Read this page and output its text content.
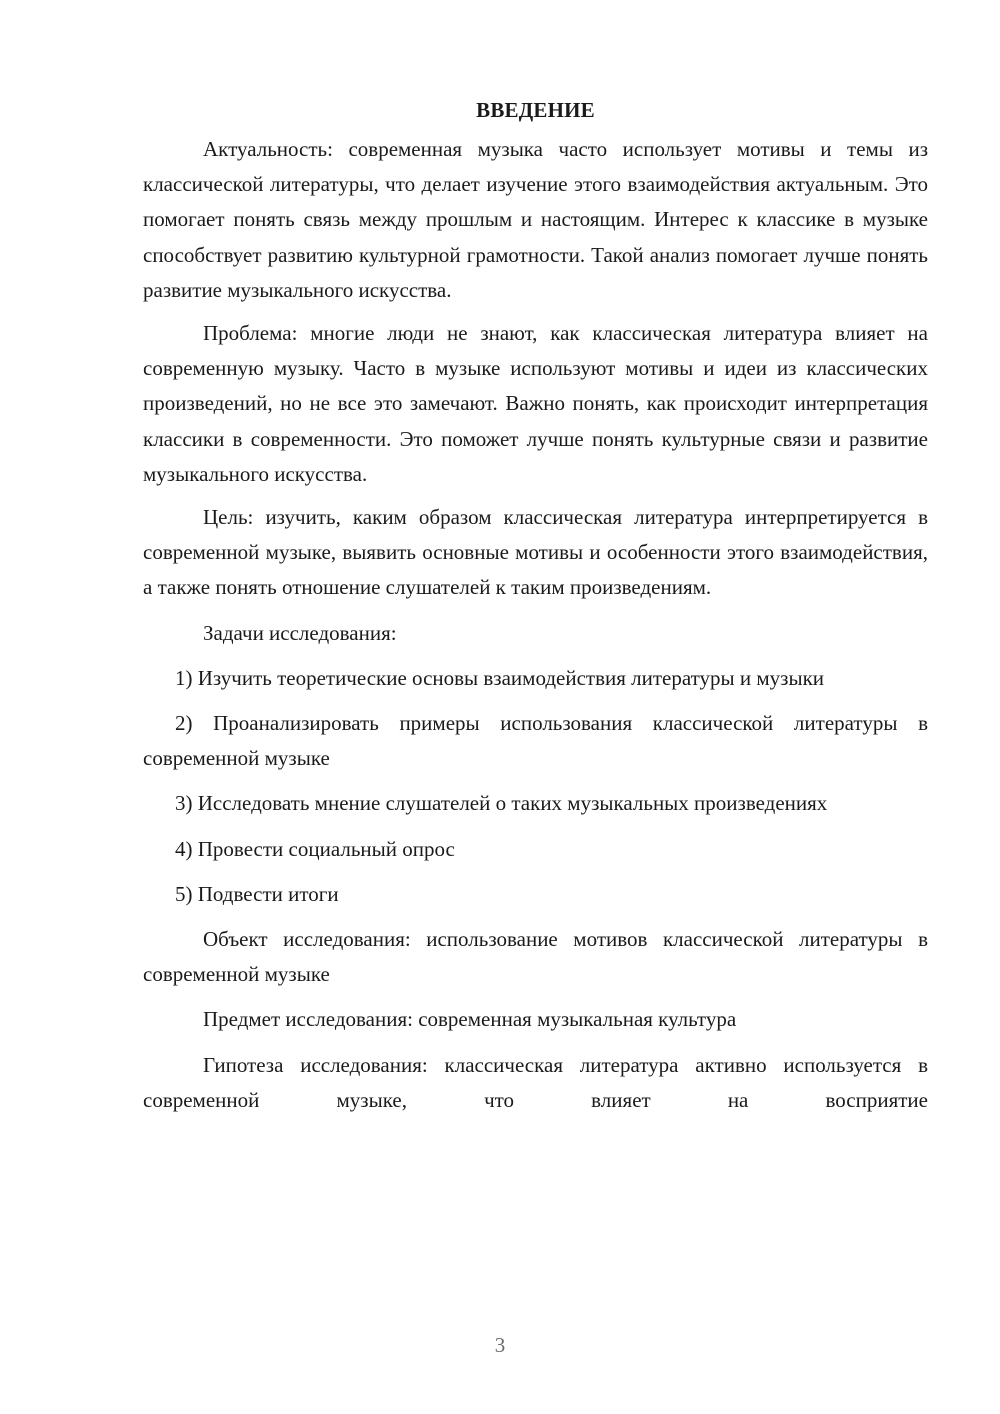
ВВЕДЕНИЕ

Актуальность: современная музыка часто использует мотивы и темы из классической литературы, что делает изучение этого взаимодействия актуальным. Это помогает понять связь между прошлым и настоящим. Интерес к классике в музыке способствует развитию культурной грамотности. Такой анализ помогает лучше понять развитие музыкального искусства.

Проблема: многие люди не знают, как классическая литература влияет на современную музыку. Часто в музыке используют мотивы и идеи из классических произведений, но не все это замечают. Важно понять, как происходит интерпретация классики в современности. Это поможет лучше понять культурные связи и развитие музыкального искусства.

Цель: изучить, каким образом классическая литература интерпретируется в современной музыке, выявить основные мотивы и особенности этого взаимодействия, а также понять отношение слушателей к таким произведениям.

Задачи исследования:

1) Изучить теоретические основы взаимодействия литературы и музыки

2) Проанализировать примеры использования классической литературы в современной музыке

3) Исследовать мнение слушателей о таких музыкальных произведениях

4) Провести социальный опрос

5) Подвести итоги

Объект исследования: использование мотивов классической литературы в современной музыке

Предмет исследования: современная музыкальная культура

Гипотеза исследования: классическая литература активно используется в современной музыке, что влияет на восприятие

3
